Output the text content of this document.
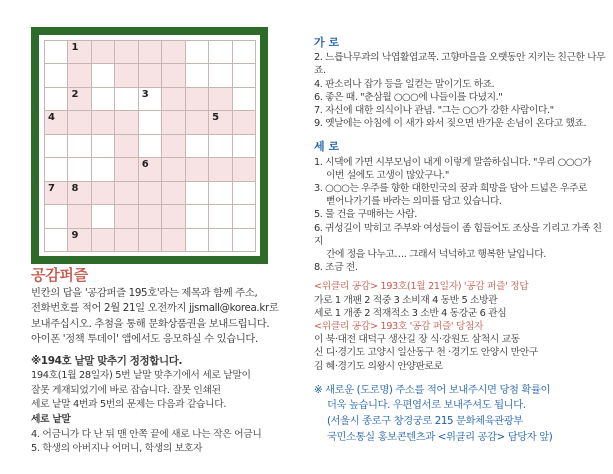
1
2	3
4	5
6
7 8
9
공감퍼즐

빈칸의 답을 '공감퍼즐 195호'라는 제목과 함께 주소,

전화번호를 적어 2월 21일 오전까지 jjsmall@korea.kr로

보내주십시오. 추첨을 통해 문화상품권을 보내드립니다.

아이폰 '정책 투데이' 앱에서도 응모하실 수 있습니다.

※194호 낱말 맞추기 정정합니다.

194호(1월 28일자) 5번 낱말 맞추기에서 세로 낱말이

잘못 게재되었기에 바로 잡습니다. 잘못 인쇄된

세로 낱말 4번과 5번의 문제는 다음과 같습니다.

세로 낱말

4. 어금니가 다 난 뒤 맨 안쪽 끝에 새로 나는 작은 어금니

5. 학생의 아버지나 어머니, 학생의 보호자

가 로

2. 느릅나무과의 낙엽활엽교목. 고향마을을 오랫동안 지키는 친근한 나무죠.

4. 판소리나 잡가 등을 일컫는 말이기도 하죠.

6. 좋은 때. "춘삼월 ○○○에 나들이를 다녔지."

7. 자신에 대한 의식이나 관념. "그는 ○○가 강한 사람이다."

9. 옛날에는 아침에 이 새가 와서 짖으면 반가운 손님이 온다고 했죠.

세 로

1. 시댁에 가면 시부모님이 내게 이렇게 말씀하십니다. "우리 ○○○가

이번 설에도 고생이 많았구나."

3. ○○○는 우주를 향한 대한민국의 꿈과 희망을 담아 드넓은 우주로

뻗어나가기를 바라는 의미를 담고 있습니다.

5. 물 건을 구매하는 사람.

6. 귀성길이 막히고 주부와 여성들이 좀 힘들어도 조상을 기리고 가족 친지

간에 정을 나누고…. 그래서 넉넉하고 행복한 날입니다.

8. 조금 전.

<위클리 공감> 193호(1월 21일자) '공감 퍼즐' 정답
가로 1 개팬 2 적중 3 소비재 4 동반 5 소방관
세로 1 개종 2 적재적소 3 소반 4 동강군 6 관심
<위클리 공감> 193호 '공감 퍼즐' 당첨자
이 북·대전 대덕구 생산길 장 식·강원도 삼척시 교동
신 디·경기도 고양시 일산동구 천 ·경기도 안양시 만안구
김 혜·경기도 의왕시 안양판로로
※ 새로운 (도로명) 주소를 적어 보내주시면 당첨 확률이
더욱 높습니다. 우편엽서로 보내주셔도 됩니다.
(서울시 종로구 창경궁로 215 문화체육관광부
국민소통실 홍보콘텐츠과 <위클리 공감> 담당자 앞)
